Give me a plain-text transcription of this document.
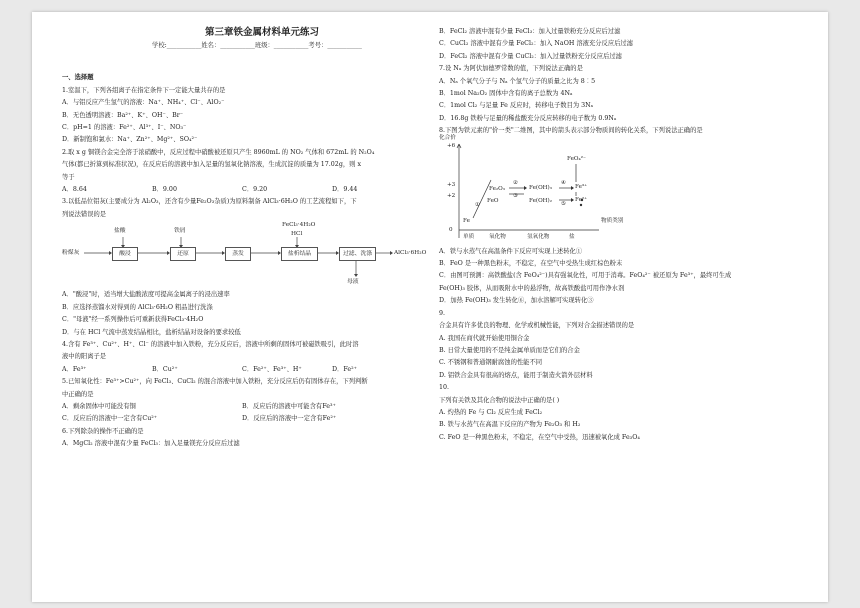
第三章铁金属材料单元练习
学校:___________姓名：___________班级：___________考号：___________
一、选择题
1.室温下，下列各组离子在指定条件下一定能大量共存的是
A．与铝反应产生氢气的溶液：Na⁺、NH₄⁺、Cl⁻、AlO₂⁻
B．无色透明溶液：Ba²⁺、K⁺、OH⁻、Br⁻
C．pH=1 的溶液：Fe²⁺、Al³⁺、I⁻、NO₃⁻
D．新制饱和氯水：Na⁺、Zn²⁺、Mg²⁺、SO₄²⁻
2.取 x g 铜镁合金完全溶于浓硝酸中，反应过程中硝酸被还原只产生 8960mL 的 NO₂ 气体和 672mL 的 N₂O₄
气体(都已折算到标准状况)，在反应后的溶液中加入足量的氢氧化钠溶液，生成沉淀的质量为 17.02g，则 x
等于
A．8.64	B．9.00	C．9.20	D．9.44
3.以低品位铝灰(主要成分为 Al₂O₃，还含有少量Fe₂O₃杂质)为原料制备 AlCl₃·6H₂O 的工艺流程如下，下
列说法错误的是
粉煤灰	酸浸	还原	蒸发	盐析结晶	过滤、洗涤	AlCl₃·6H₂O
盐酸	铁屑
FeCl₃·4H₂O
HCl
母液
A．"酸浸"时，适当增大盐酸浓度可提高金属离子的浸出速率
B．应选择蒸馏水对得到的 AlCl₃·6H₂O 粗品进行洗涤
C．"母液"经一系列操作后可重新获得FeCl₃·4H₂O
D．与在 HCl 气流中蒸发结晶相比，盐析结晶对设备的要求较低
4.含有 Fe³⁺、Cu²⁺、H⁺、Cl⁻ 的溶液中加入铁粉，充分反应后，溶液中所剩的固体可被磁铁吸引，此时溶
液中的阳离子是
A．Fe³⁺	B．Cu²⁺	C．Fe²⁺、Fe³⁺、H⁺	D．Fe²⁺
5.已知氧化性：Fe³⁺>Cu²⁺，向 FeCl₃、CuCl₂ 的混合溶液中加入铁粉，充分反应后仍有固体存在，下列判断
中正确的是
A．剩余固体中可能没有铜	B．反应后的溶液中可能含有Fe³⁺
C．反应后的溶液中一定含有Cu²⁺	D．反应后的溶液中一定含有Fe²⁺
6.下列除杂的操作不正确的是
A．MgCl₂ 溶液中混有少量 FeCl₃：加入足量镁充分反应后过滤
B．FeCl₂ 溶液中混有少量 FeCl₃：加入过量铁粉充分反应后过滤
C．CuCl₂ 溶液中混有少量 FeCl₂：加入 NaOH 溶液充分反应后过滤
D．FeCl₂ 溶液中混有少量 CuCl₂：加入过量铁粉充分反应后过滤
7.设 Nₐ 为阿伏加德罗常数的值，下列说法正确的是
A．Nₐ 个氧气分子与 Nₐ 个氢气分子的质量之比为 8︰5
B．1mol Na₂O₂ 固体中含有的离子总数为 4Nₐ
C．1mol Cl₂ 与足量 Fe 反应时，转移电子数目为 3Nₐ
D．16.8g 铁粉与足量的稀盐酸充分反应转移的电子数为 0.9Nₐ
8.下图为铁元素的"价一类"二维图，其中的箭头表示部分物质间的转化关系，下列说法正确的是
化合价
+6
+3
+2
0
Fe
FeO
Fe₂O₃	Fe(OH)₃
Fe(OH)₂
FeO₄²⁻
Fe³⁺
Fe²⁺
①
②
③
④
⑤
物质类别
单质	氧化物	氢氧化物	盐
A．铁与水蒸气在高温条件下反应可实现上述转化①
B．FeO 是一种黑色粉末，不稳定，在空气中受热生成红棕色粉末
C．由图可预测：高铁酸盐(含 FeO₄²⁻)具有强氧化性，可用于消毒。FeO₄²⁻ 被还原为 Fe³⁺，最终可生成
Fe(OH)₃ 胶体，从而吸附水中的悬浮物，故高铁酸盐可用作净水剂
D．加热 Fe(OH)₃ 发生转化⑥，加水溶解可实现转化③
9.
合金具有许多优良的物理、化学或机械性能，下列对合金描述错误的是
A. 我国在商代就开始使用铜合金
B. 日常大量使用的不是纯金属单质而是它们的合金
C. 不锈钢和普通钢耐腐蚀的性能不同
D. 铝铁合金具有很高的熔点，能用于制造火箭外层材料
10.
下列有关铁及其化合物的说法中正确的是( )
A. 灼热的 Fe 与 Cl₂ 反应生成 FeCl₂
B. 铁与水蒸气在高温下反应的产物为 Fe₂O₃ 和 H₂
C. FeO 是一种黑色粉末，不稳定，在空气中受热，迅速被氧化成 Fe₃O₄
